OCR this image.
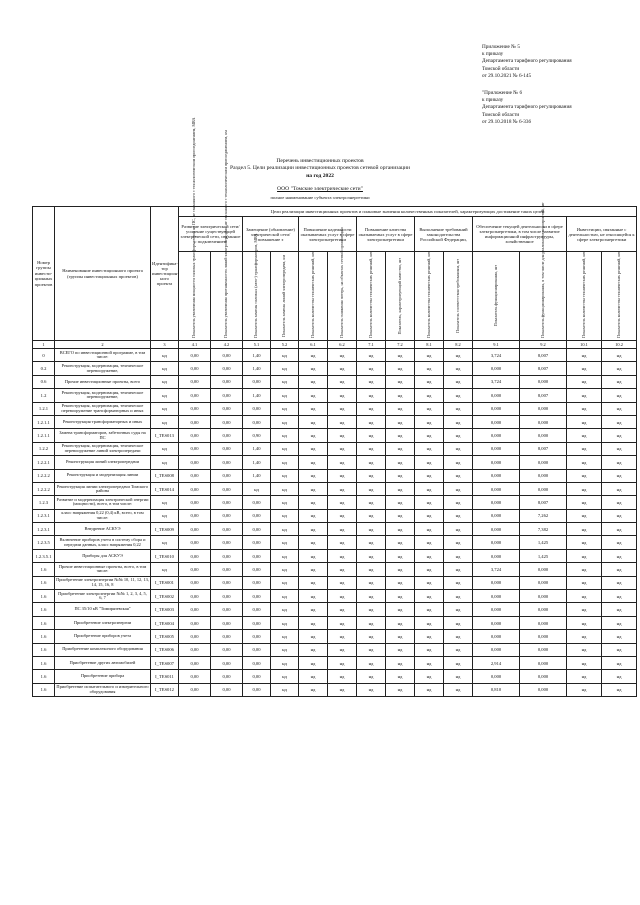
Приложение № 5
к приказу
Департамента тарифного регулирования
Томской области
от 29.10.2021 № 6-145
"Приложение № 6
к приказу
Департамента тарифного регулирования
Томской области
от 29.10.2018 № 6-336
Перечень инвестиционных проектов
Раздел 5. Цели реализации инвестиционных проектов сетевой организации
на год 2022
ООО "Томские электрические сети"
полное наименование субъекта электроэнергетики
Номер группы инвести-ционных проектов	Наименование инвестиционного проекта (группы инвестиционных проектов)	Идентифика-тор инвестицион-ного проекта	Цели реализации инвестиционных проектов и плановые значения количественных показателей, характеризующих достижение таких целей													
			Развитие электрической сети/усиление существующей электрической сети, связанное с подключением		Замещение (обновление) электрической сети/повышение э		Повышение надежности оказываемых услуг в сфере электроэнергетики		Повышение качества оказываемых услуг в сфере электроэнергетики		Выполнение требований законодательства Российской Федерации,		Обеспечение текущей деятельности в сфере электроэнергетики, в том числе развитие информационной инфраструктуры, хозяйственное		Инвестиции, связанные с деятельностью, не относящейся к сфере электроэнергетики	

			Показатель увеличения мощности силовых трансформаторов на ПС, не связанного с технологическим присоединением, МВА	Показатель увеличения протяженности линий электропередачи, не связанного с технологическим присоединением, км	Показатель замены силовых (авто-) трансформаторов, МВА	Показатель замены линий электропередачи, км	Показатель количества технических решений, шт	Показатель снижения потерь, на объектах сетевой организации	Показатель количества технических решений, шт	Показатель, характеризующий качество, шт	Показатель количества технических решений, шт	Показатель соответствия требованиям, шт	Показатель функционирования, шт	Показатель функционирования, в том числе для реализации мероприятий, шт	Показатель количества технических решений, шт	Показатель количества технических решений, шт

1	2	3	4.1	4.2	5.1	5.2	6.1	6.2	7.1	7.2	8.1	8.2	9.1	9.2	10.1	10.2
0	ВСЕГО по инвестиционной программе, в том числе:	нд	0,00	0,00	1,40	нд	нд	нд	нд	нд	нд	нд	3,724	8,007	нд	нд
0.2	Реконструкция, модернизация, техническое перевооружение,	нд	0,00	0,00	1,40	нд	нд	нд	нд	нд	нд	нд	0,000	8,007	нд	нд
0.6	Прочие инвестиционные проекты, всего	нд	0,00	0,00	0,00	нд	нд	нд	нд	нд	нд	нд	3,724	0,000	нд	нд
1.2	Реконструкция, модернизация, техническое перевооружение,	нд	0,00	0,00	1,40	нд	нд	нд	нд	нд	нд	нд	0,000	8,007	нд	нд
1.2.1	Реконструкция, модернизация, техническое перевооружение трансформаторных и иных	нд	0,00	0,00	0,00	нд	нд	нд	нд	нд	нд	нд	0,000	0,000	нд	нд
1.2.1.1	Реконструкция трансформаторных и иных	нд	0,00	0,00	0,00	нд	нд	нд	нд	нд	нд	нд	0,000	0,000	нд	нд
1.2.1.1	Замена трансформаторов, забетонных суды на ПС	I_TES013	0,00	0,00	0,90	нд	нд	нд	нд	нд	нд	нд	0,000	0,000	нд	нд
1.2.2	Реконструкция, модернизация, техническое перевооружение линий электропередачи	нд	0,00	0,00	1,40	нд	нд	нд	нд	нд	нд	нд	0,000	8,007	нд	нд
1.2.2.1	Реконструкция линий электропередачи	нд	0,00	0,00	1,40	нд	нд	нд	нд	нд	нд	нд	0,000	0,000	нд	нд
1.2.2.2	Реконструкция и модернизация линии	I_TES008	0,00	0,00	1,40	нд	нд	нд	нд	нд	нд	нд	0,000	0,000	нд	нд
1.2.2.2	Реконструкция линии электропередачи Томского района	I_TES014	0,00	0,00	нд	нд	нд	нд	нд	нд	нд	нд	0,000	0,000	нд	нд
1.2.3	Развитие и модернизация электрической энергии (мощности), всего, в том числе:	нд	0,00	0,00	0,00	нд	нд	нд	нд	нд	нд	нд	0,000	8,007	нд	нд
1.2.3.1	класс напряжения 0,22 (0,4) кВ, всего, в том числе:	нд	0,00	0,00	0,00	нд	нд	нд	нд	нд	нд	нд	0,000	7,262	нд	нд
1.2.3.1	Внедрение АСКУЭ	I_TES009	0,00	0,00	0,00	нд	нд	нд	нд	нд	нд	нд	0,000	7,382	нд	нд
1.2.3.5	Включение приборов учета в систему сбора и передачи данных, класс напряжения 0,22	нд	0,00	0,00	0,00	нд	нд	нд	нд	нд	нд	нд	0,000	1,425	нд	нд
1.2.3.5.1	Приборы для АСКУЭ	I_TES010	0,00	0,00	0,00	нд	нд	нд	нд	нд	нд	нд	0,000	1,425	нд	нд
1.6	Прочие инвестиционные проекты, всего, в том числе:	нд	0,00	0,00	0,00	нд	нд	нд	нд	нд	нд	нд	3,724	0,000	нд	нд
1.6	Приобретение электроэнергии №№ 10, 11, 12, 13, 14, 15, 16, 8	I_TES001	0,00	0,00	0,00	нд	нд	нд	нд	нд	нд	нд	0,000	0,000	нд	нд
1.6	Приобретение электроэнергии №№ 1, 2, 3, 4, 5, 6, 7	I_TES002	0,00	0,00	0,00	нд	нд	нд	нд	нд	нд	нд	0,000	0,000	нд	нд
1.6	ПС 35/10 кВ "Тимирязевская"	I_TES003	0,00	0,00	0,00	нд	нд	нд	нд	нд	нд	нд	0,000	0,000	нд	нд
1.6	Приобретение электроэнергии	I_TES004	0,00	0,00	0,00	нд	нд	нд	нд	нд	нд	нд	0,000	0,000	нд	нд
1.6	Приобретение приборов учета	I_TES005	0,00	0,00	0,00	нд	нд	нд	нд	нд	нд	нд	0,000	0,000	нд	нд
1.6	Приобретение комплексного оборудования	I_TES006	0,00	0,00	0,00	нд	нд	нд	нд	нд	нд	нд	0,000	0,000	нд	нд
1.6	Приобретение других автомобилей	I_TES007	0,00	0,00	0,00	нд	нд	нд	нд	нд	нд	нд	2,914	0,000	нд	нд
1.6	Приобретение прибора	I_TES011	0,00	0,00	0,00	нд	нд	нд	нд	нд	нд	нд	0,000	0,000	нд	нд
1.6	Приобретение испытательного и измерительного оборудования	I_TES012	0,00	0,00	0,00	нд	нд	нд	нд	нд	нд	нд	0,810	0,000	нд	нд
